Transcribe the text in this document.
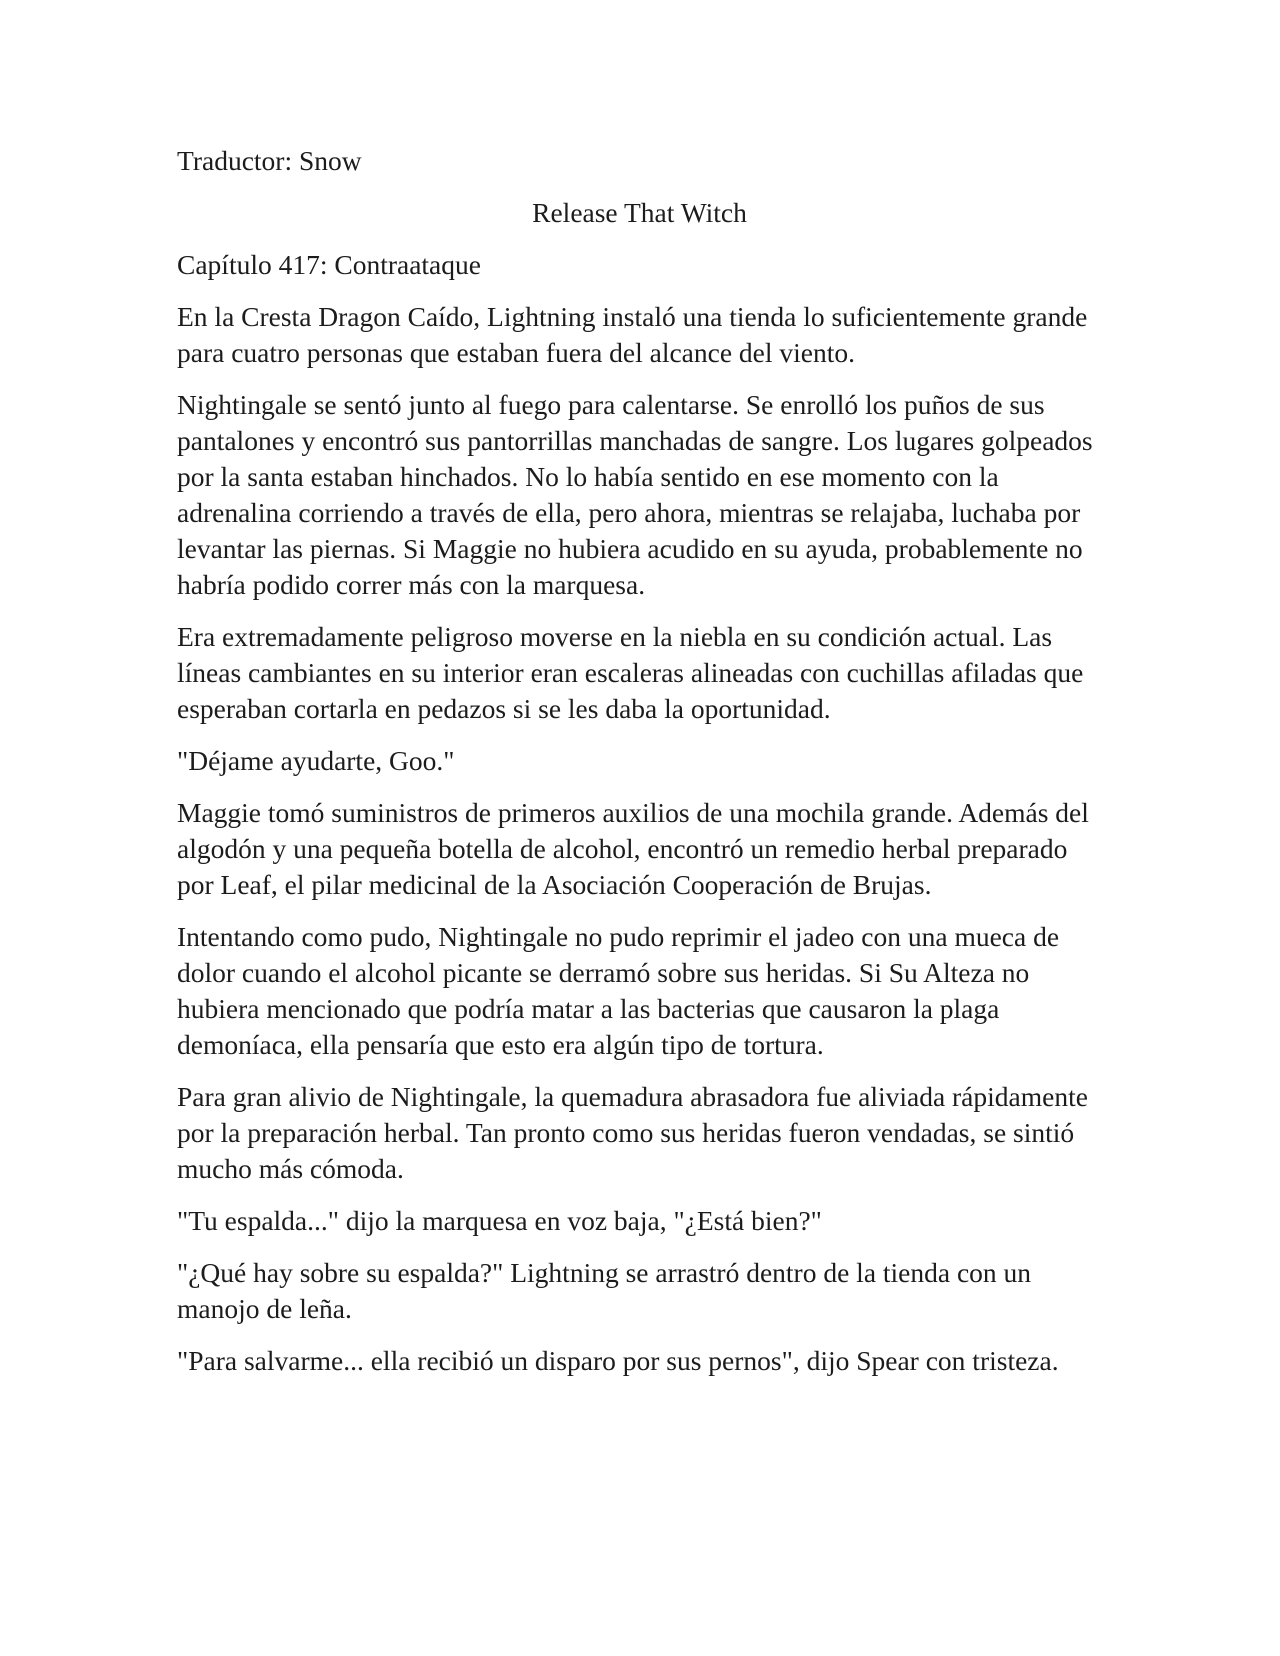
Traductor: Snow
Release That Witch
Capítulo 417: Contraataque

En la Cresta Dragon Caído, Lightning instaló una tienda lo suficientemente grande para cuatro personas que estaban fuera del alcance del viento.

Nightingale se sentó junto al fuego para calentarse. Se enrolló los puños de sus pantalones y encontró sus pantorrillas manchadas de sangre. Los lugares golpeados por la santa estaban hinchados. No lo había sentido en ese momento con la adrenalina corriendo a través de ella, pero ahora, mientras se relajaba, luchaba por levantar las piernas. Si Maggie no hubiera acudido en su ayuda, probablemente no habría podido correr más con la marquesa.

Era extremadamente peligroso moverse en la niebla en su condición actual. Las líneas cambiantes en su interior eran escaleras alineadas con cuchillas afiladas que esperaban cortarla en pedazos si se les daba la oportunidad.

"Déjame ayudarte, Goo."

Maggie tomó suministros de primeros auxilios de una mochila grande. Además del algodón y una pequeña botella de alcohol, encontró un remedio herbal preparado por Leaf, el pilar medicinal de la Asociación Cooperación de Brujas.

Intentando como pudo, Nightingale no pudo reprimir el jadeo con una mueca de dolor cuando el alcohol picante se derramó sobre sus heridas. Si Su Alteza no hubiera mencionado que podría matar a las bacterias que causaron la plaga demoníaca, ella pensaría que esto era algún tipo de tortura.

Para gran alivio de Nightingale, la quemadura abrasadora fue aliviada rápidamente por la preparación herbal. Tan pronto como sus heridas fueron vendadas, se sintió mucho más cómoda.

"Tu espalda..." dijo la marquesa en voz baja, "¿Está bien?"

"¿Qué hay sobre su espalda?" Lightning se arrastró dentro de la tienda con un manojo de leña.

"Para salvarme... ella recibió un disparo por sus pernos", dijo Spear con tristeza.
